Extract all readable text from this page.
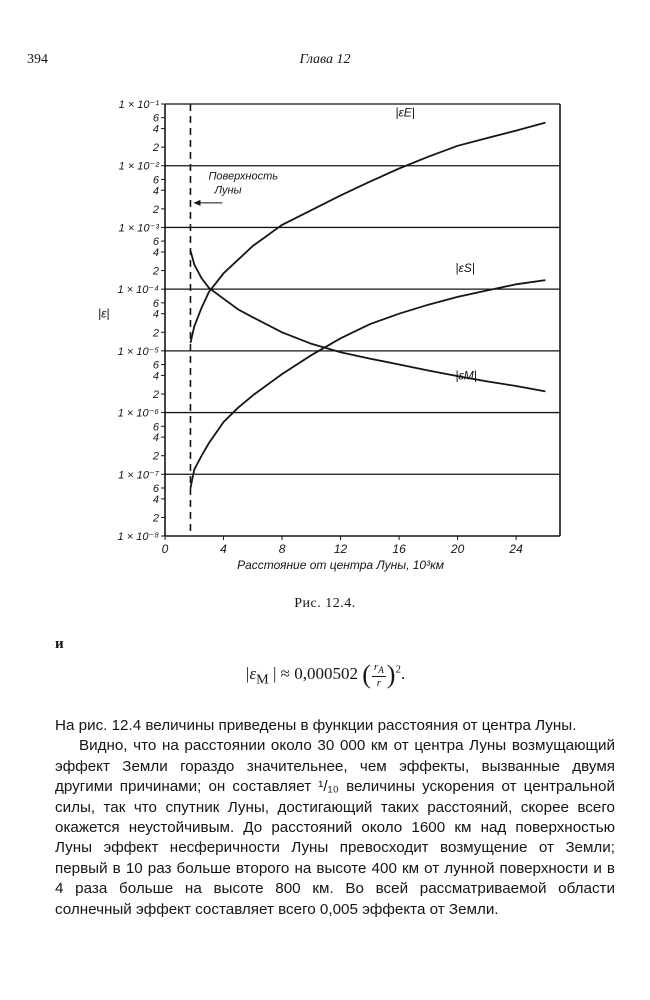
394	Глава 12
1 × 10⁻¹
6
4
2
1 × 10⁻²
6
4
2
1 × 10⁻³
6
4
2
1 × 10⁻⁴
6
4
2
1 × 10⁻⁵
6
4
2
1 × 10⁻⁶
6
4
2
1 × 10⁻⁷
6
4
2
1 × 10⁻⁸
|ε|
0	4	8	12	16	20	24
Расстояние от центра Луны, 10³км
Поверхность
Луны
|εE|
|εS|
|εM|
Рис. 12.4.
и
$|\varepsilon_M$ | ≈ 0,000502 ( $\frac{r_A}{r} )^2$.

На рис. 12.4 величины приведены в функции расстояния от центра Луны.

Видно, что на расстоянии около 30 000 км от центра Луны возмущающий эффект Земли гораздо значительнее, чем эффекты, вызванные двумя другими причинами; он составляет ¹/₁₀ величины ускорения от центральной силы, так что спутник Луны, достигающий таких расстояний, скорее всего окажется неустойчивым. До расстояний около 1600 км над поверхностью Луны эффект несферичности Луны превосходит возмущение от Земли; первый в 10 раз больше второго на высоте 400 км от лунной поверхности и в 4 раза больше на высоте 800 км. Во всей рассматриваемой области солнечный эффект составляет всего 0,005 эффекта от Земли.
